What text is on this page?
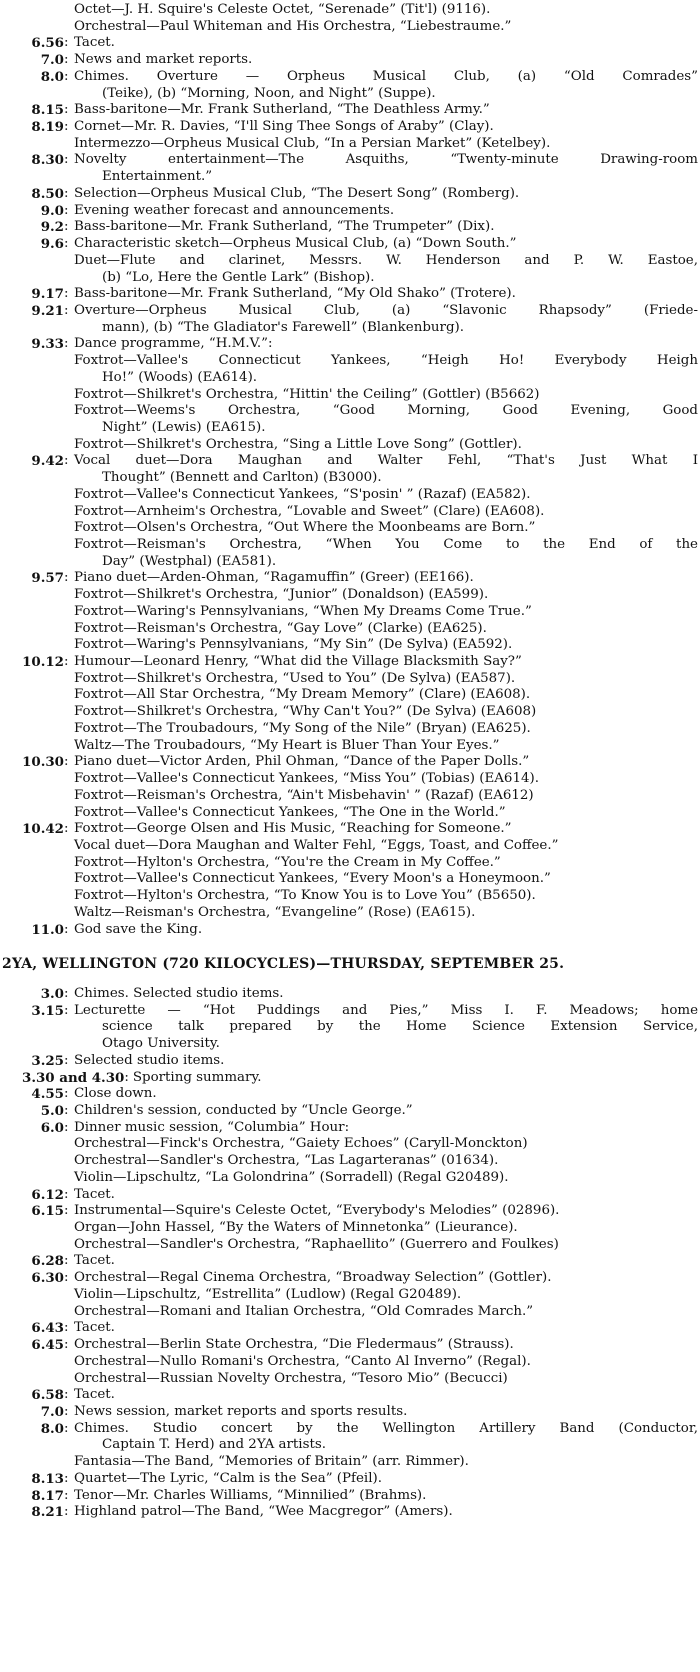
Octet—J. H. Squire's Celeste Octet, “Serenade” (Tit'l) (9116).
Orchestral—Paul Whiteman and His Orchestra, “Liebestraume.”
6.56 : Tacet.
7.0 : News and market reports.
8.0 : Chimes. Overture — Orpheus Musical Club, (a) “Old Comrades”
(Teike), (b) “Morning, Noon, and Night” (Suppe).
8.15 : Bass-baritone—Mr. Frank Sutherland, “The Deathless Army.”
8.19 : Cornet—Mr. R. Davies, “I'll Sing Thee Songs of Araby” (Clay).
Intermezzo—Orpheus Musical Club, “In a Persian Market” (Ketelbey).
8.30 : Novelty entertainment—The Asquiths, “Twenty-minute Drawing-room
Entertainment.”
8.50 : Selection—Orpheus Musical Club, “The Desert Song” (Romberg).
9.0 : Evening weather forecast and announcements.
9.2 : Bass-baritone—Mr. Frank Sutherland, “The Trumpeter” (Dix).
9.6 : Characteristic sketch—Orpheus Musical Club, (a) “Down South.”
Duet—Flute and clarinet, Messrs. W. Henderson and P. W. Eastoe,
(b) “Lo, Here the Gentle Lark” (Bishop).
9.17 : Bass-baritone—Mr. Frank Sutherland, “My Old Shako” (Trotere).
9.21 : Overture—Orpheus Musical Club, (a) “Slavonic Rhapsody” (Friede-
mann), (b) “The Gladiator's Farewell” (Blankenburg).
9.33 : Dance programme, “H.M.V.”:
Foxtrot—Vallee's Connecticut Yankees, “Heigh Ho! Everybody Heigh
Ho!” (Woods) (EA614).
Foxtrot—Shilkret's Orchestra, “Hittin' the Ceiling” (Gottler) (B5662)
Foxtrot—Weems's Orchestra, “Good Morning, Good Evening, Good
Night” (Lewis) (EA615).
Foxtrot—Shilkret's Orchestra, “Sing a Little Love Song” (Gottler).
9.42 : Vocal duet—Dora Maughan and Walter Fehl, “That's Just What I
Thought” (Bennett and Carlton) (B3000).
Foxtrot—Vallee's Connecticut Yankees, “S'posin' ” (Razaf) (EA582).
Foxtrot—Arnheim's Orchestra, “Lovable and Sweet” (Clare) (EA608).
Foxtrot—Olsen's Orchestra, “Out Where the Moonbeams are Born.”
Foxtrot—Reisman's Orchestra, “When You Come to the End of the
Day” (Westphal) (EA581).
9.57 : Piano duet—Arden-Ohman, “Ragamuffin” (Greer) (EE166).
Foxtrot—Shilkret's Orchestra, “Junior” (Donaldson) (EA599).
Foxtrot—Waring's Pennsylvanians, “When My Dreams Come True.”
Foxtrot—Reisman's Orchestra, “Gay Love” (Clarke) (EA625).
Foxtrot—Waring's Pennsylvanians, “My Sin” (De Sylva) (EA592).
10.12 : Humour—Leonard Henry, “What did the Village Blacksmith Say?”
Foxtrot—Shilkret's Orchestra, “Used to You” (De Sylva) (EA587).
Foxtrot—All Star Orchestra, “My Dream Memory” (Clare) (EA608).
Foxtrot—Shilkret's Orchestra, “Why Can't You?” (De Sylva) (EA608)
Foxtrot—The Troubadours, “My Song of the Nile” (Bryan) (EA625).
Waltz—The Troubadours, “My Heart is Bluer Than Your Eyes.”
10.30 : Piano duet—Victor Arden, Phil Ohman, “Dance of the Paper Dolls.”
Foxtrot—Vallee's Connecticut Yankees, “Miss You” (Tobias) (EA614).
Foxtrot—Reisman's Orchestra, “Ain't Misbehavin' ” (Razaf) (EA612)
Foxtrot—Vallee's Connecticut Yankees, “The One in the World.”
10.42 : Foxtrot—George Olsen and His Music, “Reaching for Someone.”
Vocal duet—Dora Maughan and Walter Fehl, “Eggs, Toast, and Coffee.”
Foxtrot—Hylton's Orchestra, “You're the Cream in My Coffee.”
Foxtrot—Vallee's Connecticut Yankees, “Every Moon's a Honeymoon.”
Foxtrot—Hylton's Orchestra, “To Know You is to Love You” (B5650).
Waltz—Reisman's Orchestra, “Evangeline” (Rose) (EA615).
11.0 : God save the King.
2YA, WELLINGTON (720 KILOCYCLES)—THURSDAY, SEPTEMBER 25.
3.0 : Chimes. Selected studio items.
3.15 : Lecturette — “Hot Puddings and Pies,” Miss I. F. Meadows; home
science talk prepared by the Home Science Extension Service,
Otago University.
3.25 : Selected studio items.
3.30 and 4.30 : Sporting summary.
4.55 : Close down.
5.0 : Children's session, conducted by “Uncle George.”
6.0 : Dinner music session, “Columbia” Hour:
Orchestral—Finck's Orchestra, “Gaiety Echoes” (Caryll-Monckton)
Orchestral—Sandler's Orchestra, “Las Lagarteranas” (01634).
Violin—Lipschultz, “La Golondrina” (Sorradell) (Regal G20489).
6.12 : Tacet.
6.15 : Instrumental—Squire's Celeste Octet, “Everybody's Melodies” (02896).
Organ—John Hassel, “By the Waters of Minnetonka” (Lieurance).
Orchestral—Sandler's Orchestra, “Raphaellito” (Guerrero and Foulkes)
6.28 : Tacet.
6.30 : Orchestral—Regal Cinema Orchestra, “Broadway Selection” (Gottler).
Violin—Lipschultz, “Estrellita” (Ludlow) (Regal G20489).
Orchestral—Romani and Italian Orchestra, “Old Comrades March.”
6.43 : Tacet.
6.45 : Orchestral—Berlin State Orchestra, “Die Fledermaus” (Strauss).
Orchestral—Nullo Romani's Orchestra, “Canto Al Inverno” (Regal).
Orchestral—Russian Novelty Orchestra, “Tesoro Mio” (Becucci)
6.58 : Tacet.
7.0 : News session, market reports and sports results.
8.0 : Chimes. Studio concert by the Wellington Artillery Band (Conductor,
Captain T. Herd) and 2YA artists.
Fantasia—The Band, “Memories of Britain” (arr. Rimmer).
8.13 : Quartet—The Lyric, “Calm is the Sea” (Pfeil).
8.17 : Tenor—Mr. Charles Williams, “Minnilied” (Brahms).
8.21 : Highland patrol—The Band, “Wee Macgregor” (Amers).
